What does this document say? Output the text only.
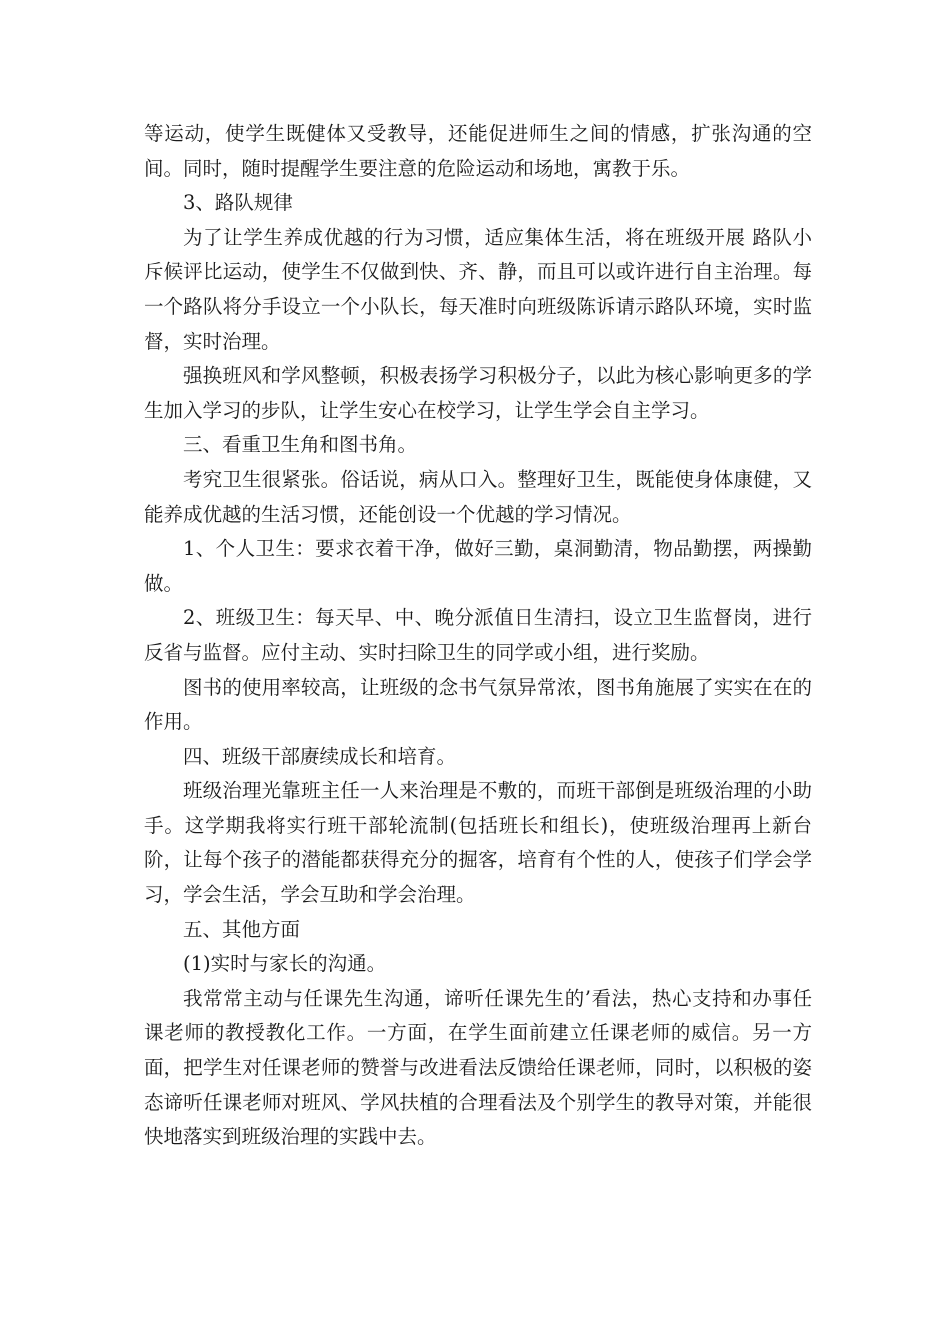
等运动，使学生既健体又受教导，还能促进师生之间的情感，扩张沟通的空间。同时，随时提醒学生要注意的危险运动和场地，寓教于乐。

3、路队规律

为了让学生养成优越的行为习惯，适应集体生活，将在班级开展 路队小斥候评比运动，使学生不仅做到快、齐、静，而且可以或许进行自主治理。每一个路队将分手设立一个小队长，每天准时向班级陈诉请示路队环境，实时监督，实时治理。

强换班风和学风整顿，积极表扬学习积极分子，以此为核心影响更多的学生加入学习的步队，让学生安心在校学习，让学生学会自主学习。

三、看重卫生角和图书角。

考究卫生很紧张。俗话说，病从口入。整理好卫生，既能使身体康健，又能养成优越的生活习惯，还能创设一个优越的学习情况。

1、个人卫生：要求衣着干净，做好三勤，桌洞勤清，物品勤摆，两操勤做。

2、班级卫生：每天早、中、晚分派值日生清扫，设立卫生监督岗，进行反省与监督。应付主动、实时扫除卫生的同学或小组，进行奖励。

图书的使用率较高，让班级的念书气氛异常浓，图书角施展了实实在在的作用。

四、班级干部赓续成长和培育。

班级治理光靠班主任一人来治理是不敷的，而班干部倒是班级治理的小助手。这学期我将实行班干部轮流制(包括班长和组长)，使班级治理再上新台阶，让每个孩子的潜能都获得充分的掘客，培育有个性的人，使孩子们学会学习，学会生活，学会互助和学会治理。

五、其他方面

(1)实时与家长的沟通。

我常常主动与任课先生沟通，谛听任课先生的’看法，热心支持和办事任课老师的教授教化工作。一方面，在学生面前建立任课老师的威信。另一方面，把学生对任课老师的赞誉与改进看法反馈给任课老师，同时，以积极的姿态谛听任课老师对班风、学风扶植的合理看法及个别学生的教导对策，并能很快地落实到班级治理的实践中去。
